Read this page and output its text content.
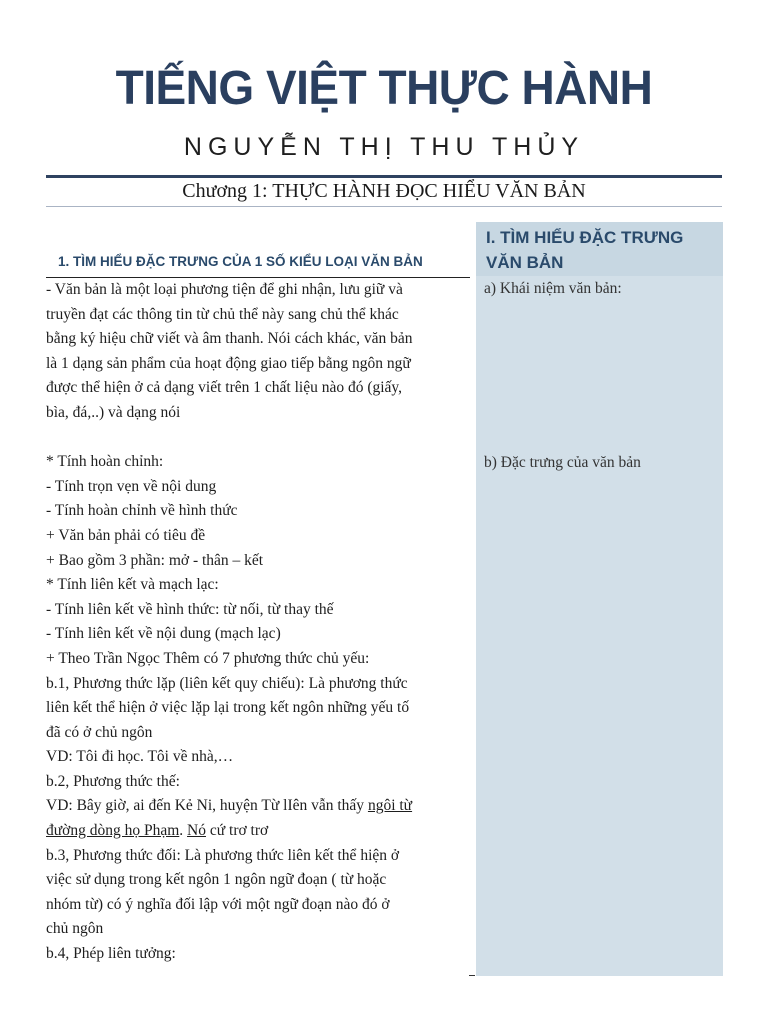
TIẾNG VIỆT THỰC HÀNH
NGUYỄN THỊ THU THỦY
Chương 1: THỰC HÀNH ĐỌC HIỂU VĂN BẢN
1. TÌM HIỂU ĐẶC TRƯNG CỦA 1 SỐ KIỂU LOẠI VĂN BẢN
- Văn bản là một loại phương tiện để ghi nhận, lưu giữ và
truyền đạt các thông tin từ chủ thể này sang chủ thể khác
bằng ký hiệu chữ viết và âm thanh. Nói cách khác, văn bản
là 1 dạng sản phẩm của hoạt động giao tiếp bằng ngôn ngữ
được thể hiện ở cả dạng viết trên 1 chất liệu nào đó (giấy,
bìa, đá,..) và dạng nói
* Tính hoàn chỉnh:
- Tính trọn vẹn về nội dung
- Tính hoàn chỉnh về hình thức
+ Văn bản phải có tiêu đề
+ Bao gồm 3 phần: mở - thân – kết
* Tính liên kết và mạch lạc:
- Tính liên kết về hình thức: từ nối, từ thay thế
- Tính liên kết về nội dung (mạch lạc)
+ Theo Trần Ngọc Thêm có 7 phương thức chủ yếu:
b.1, Phương thức lặp (liên kết quy chiếu): Là phương thức
liên kết thể hiện ở việc lặp lại trong kết ngôn những yếu tố
đã có ở chủ ngôn
VD: Tôi đi học. Tôi về nhà,…
b.2, Phương thức thế:
VD: Bây giờ, ai đến Kẻ Ni, huyện Từ lIên vẫn thấy ngôi từ
đường dòng họ Phạm. Nó cứ trơ trơ
b.3, Phương thức đối: Là phương thức liên kết thể hiện ở
việc sử dụng trong kết ngôn 1 ngôn ngữ đoạn ( từ hoặc
nhóm từ) có ý nghĩa đối lập với một ngữ đoạn nào đó ở
chủ ngôn
b.4, Phép liên tưởng:
I. TÌM HIỂU ĐẶC TRƯNG VĂN BẢN
a) Khái niệm văn bản:
b) Đặc trưng của văn bản
